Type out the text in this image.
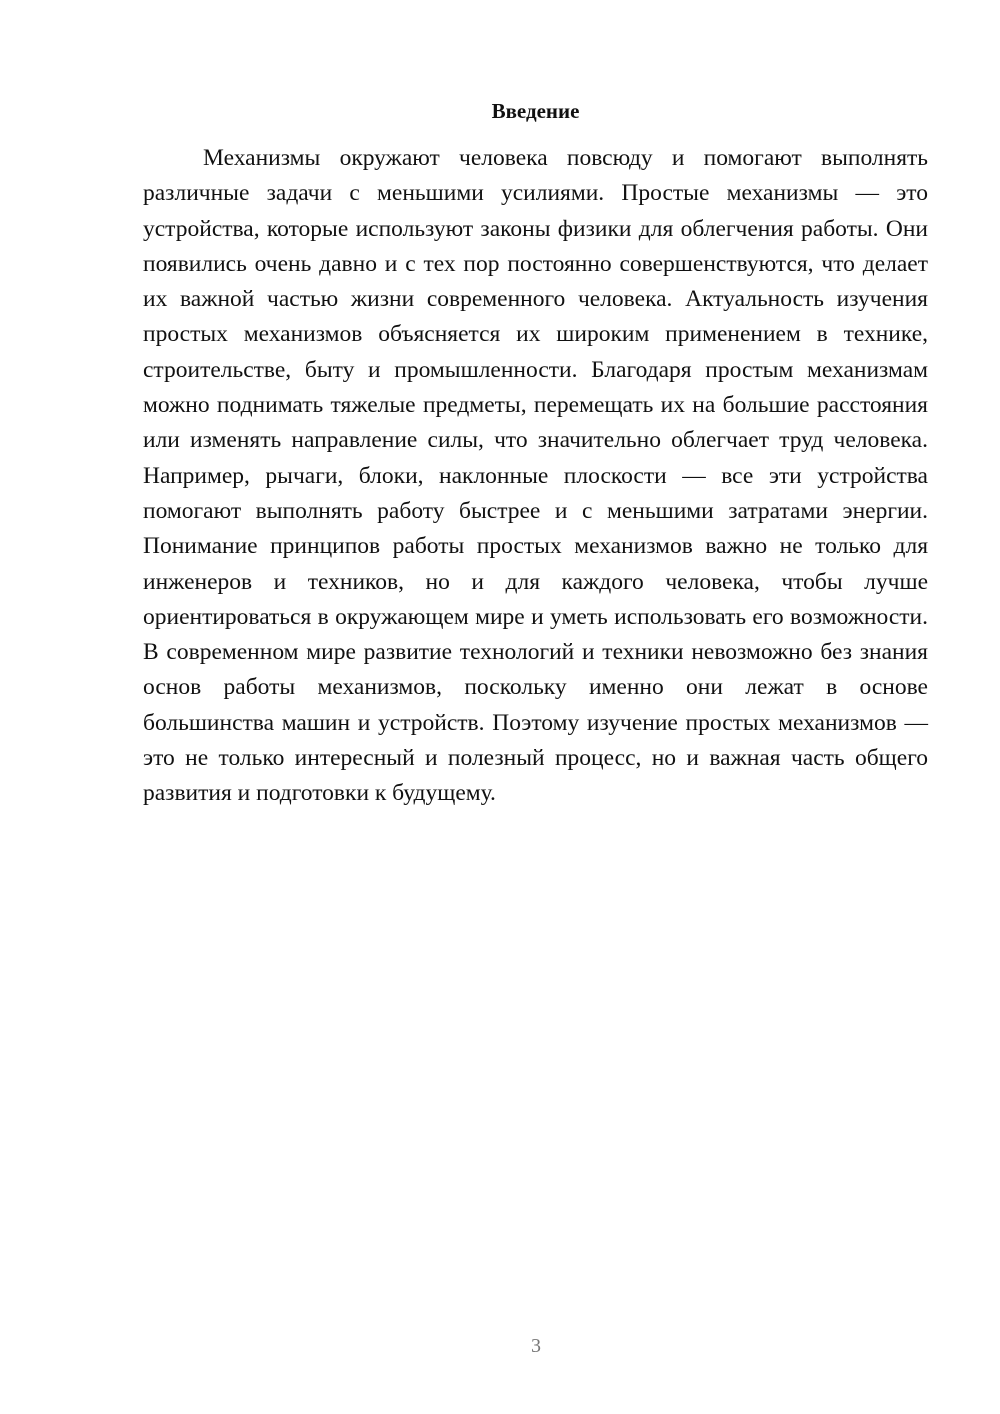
Введение

Механизмы окружают человека повсюду и помогают выполнять различные задачи с меньшими усилиями. Простые механизмы — это устройства, которые используют законы физики для облегчения работы. Они появились очень давно и с тех пор постоянно совершенствуются, что делает их важной частью жизни современного человека. Актуальность изучения простых механизмов объясняется их широким применением в технике, строительстве, быту и промышленности. Благодаря простым механизмам можно поднимать тяжелые предметы, перемещать их на большие расстояния или изменять направление силы, что значительно облегчает труд человека. Например, рычаги, блоки, наклонные плоскости — все эти устройства помогают выполнять работу быстрее и с меньшими затратами энергии. Понимание принципов работы простых механизмов важно не только для инженеров и техников, но и для каждого человека, чтобы лучше ориентироваться в окружающем мире и уметь использовать его возможности. В современном мире развитие технологий и техники невозможно без знания основ работы механизмов, поскольку именно они лежат в основе большинства машин и устройств. Поэтому изучение простых механизмов — это не только интересный и полезный процесс, но и важная часть общего развития и подготовки к будущему.

3
